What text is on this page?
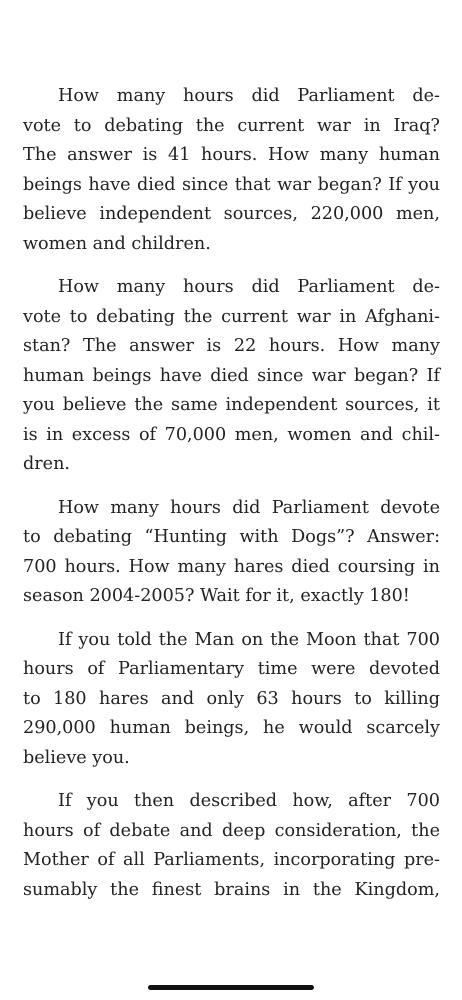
How many hours did Parliament de-
vote to debating the current war in Iraq?
The answer is 41 hours. How many human
beings have died since that war began? If you
believe independent sources, 220,000 men,
women and children.

How many hours did Parliament de-
vote to debating the current war in Afghani-
stan? The answer is 22 hours. How many
human beings have died since war began? If
you believe the same independent sources, it
is in excess of 70,000 men, women and chil-
dren.

How many hours did Parliament devote
to debating “Hunting with Dogs”? Answer:
700 hours. How many hares died coursing in
season 2004-2005? Wait for it, exactly 180!

If you told the Man on the Moon that 700
hours of Parliamentary time were devoted
to 180 hares and only 63 hours to killing
290,000 human beings, he would scarcely
believe you.

If you then described how, after 700
hours of debate and deep consideration, the
Mother of all Parliaments, incorporating pre-
sumably the finest brains in the Kingdom,
